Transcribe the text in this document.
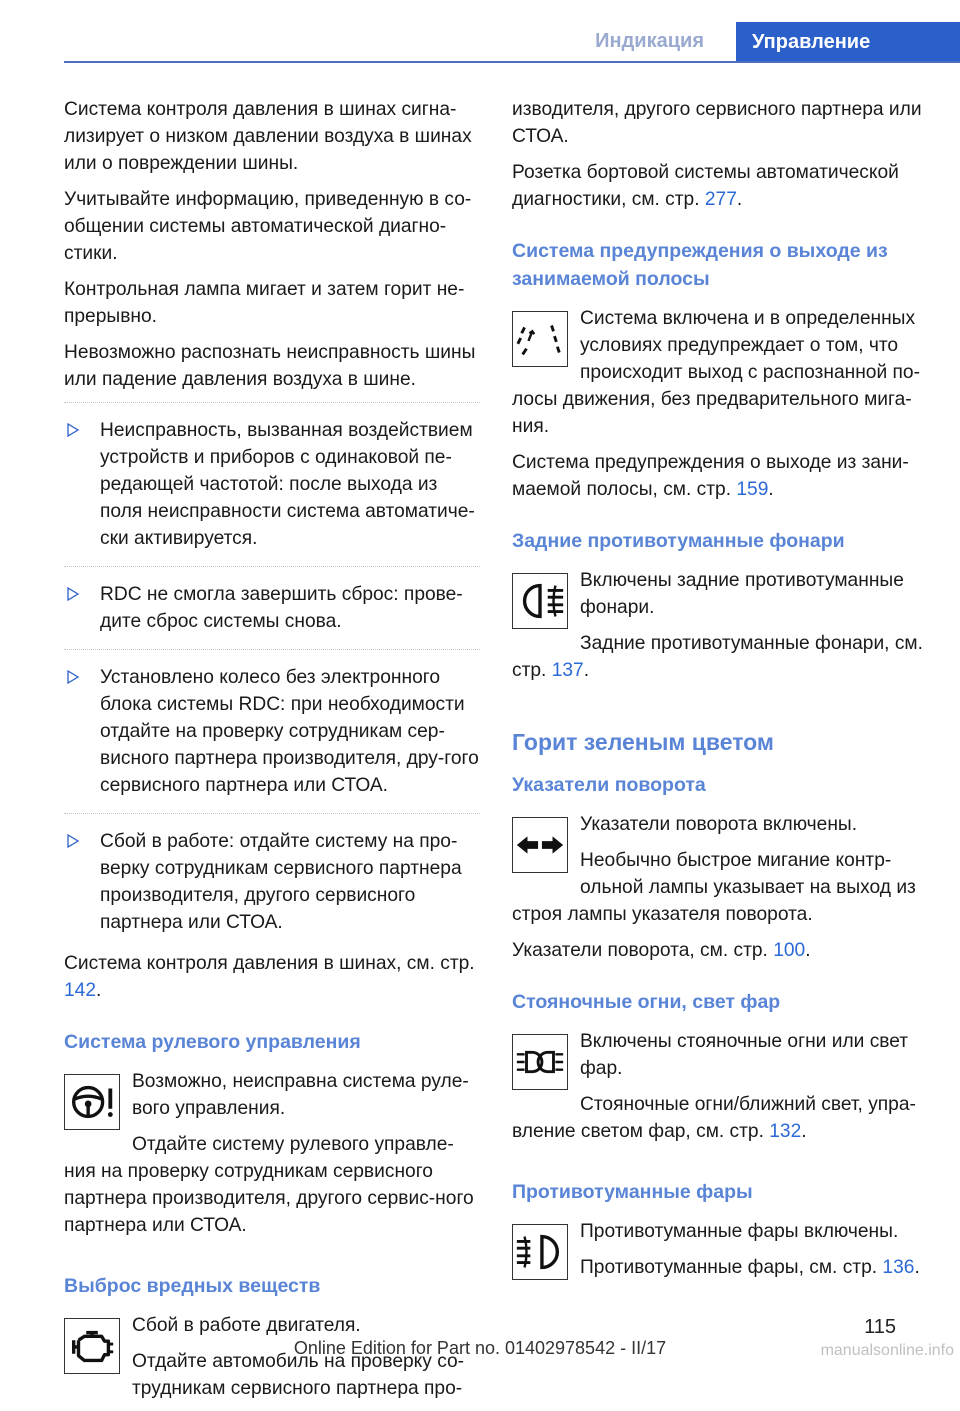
Индикация	Управление

Система контроля давления в шинах сигна‐лизирует о низком давлении воздуха в шинах или о повреждении шины.

Учитывайте информацию, приведенную в со‐общении системы автоматической диагно‐стики.

Контрольная лампа мигает и затем горит не‐прерывно.

Невозможно распознать неисправность шины или падение давления воздуха в шине.

Неисправность, вызванная воздействием устройств и приборов с одинаковой пе‐редающей частотой: после выхода из поля неисправности система автоматиче‐ски активируется.
RDC не смогла завершить сброс: прове‐дите сброс системы снова.
Установлено колесо без электронного блока системы RDC: при необходимости отдайте на проверку сотрудникам сер‐висного партнера производителя, дру‐гого сервисного партнера или СТОА.
Сбой в работе: отдайте систему на про‐верку сотрудникам сервисного партнера производителя, другого сервисного партнера или СТОА.

Система контроля давления в шинах, см. стр. 142.

Система рулевого управления

Возможно, неисправна система руле‐вого управления.

Отдайте систему рулевого управле‐ния на проверку сотрудникам сервисного партнера производителя, другого сервис‐ного партнера или СТОА.

Выброс вредных веществ

Сбой в работе двигателя.

Отдайте автомобиль на проверку со‐трудникам сервисного партнера про‐

изводителя, другого сервисного партнера или СТОА.

Розетка бортовой системы автоматической диагностики, см. стр. 277.

Система предупреждения о выходе из занимаемой полосы

Система включена и в определенных условиях предупреждает о том, что происходит выход с распознанной по‐лосы движения, без предварительного мига‐ния.

Система предупреждения о выходе из зани‐маемой полосы, см. стр. 159.

Задние противотуманные фонари

Включены задние противотуманные фонари.

Задние противотуманные фонари, см. стр. 137.

Горит зеленым цветом
Указатели поворота

Указатели поворота включены.

Необычно быстрое мигание контр‐ольной лампы указывает на выход из строя лампы указателя поворота.

Указатели поворота, см. стр. 100.

Стояночные огни, свет фар

Включены стояночные огни или свет фар.

Стояночные огни/ближний свет, упра‐вление светом фар, см. стр. 132.

Противотуманные фары

Противотуманные фары включены.

Противотуманные фары, см. стр. 136.

115
Online Edition for Part no. 01402978542 - II/17	manualsonline.info
